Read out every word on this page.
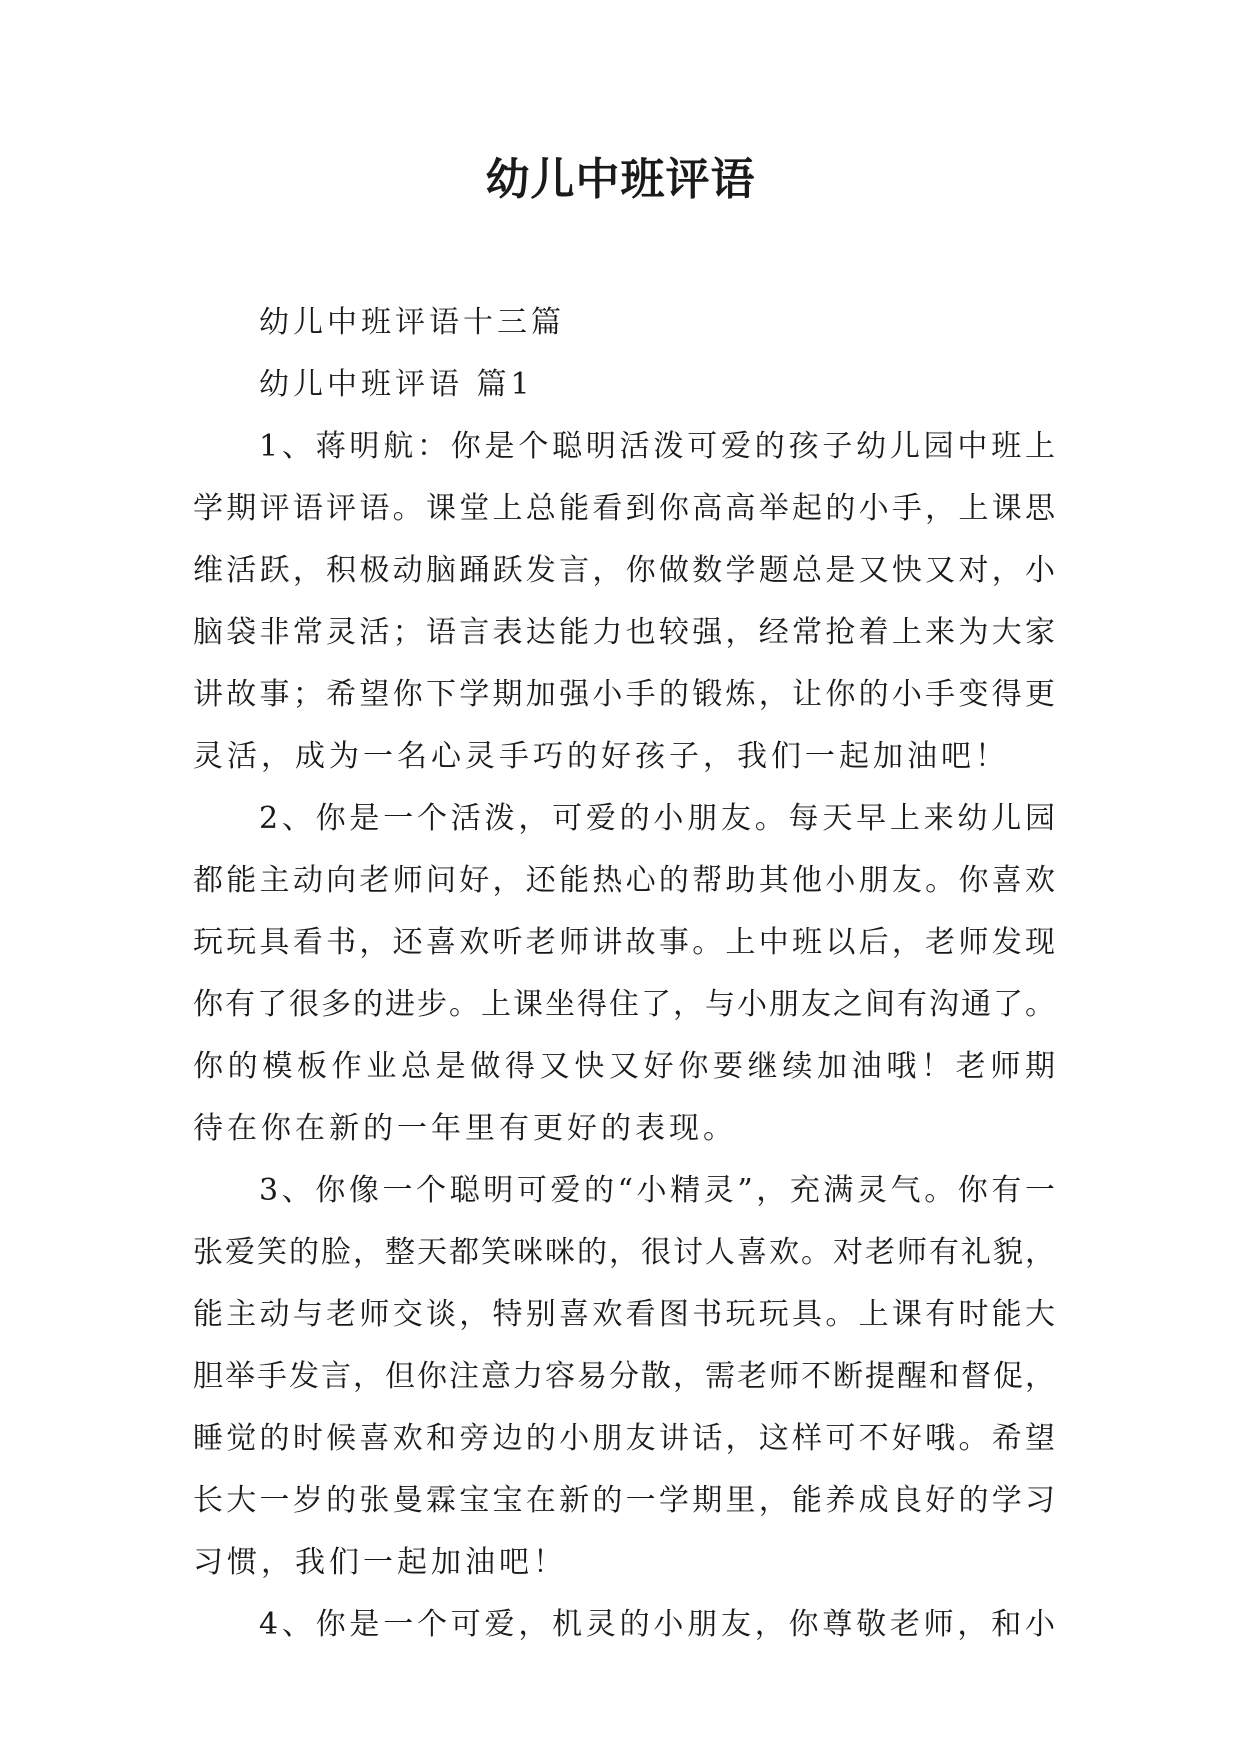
幼儿中班评语
幼儿中班评语十三篇
幼儿中班评语 篇1
1、蒋明航：你是个聪明活泼可爱的孩子幼儿园中班上
学期评语评语。课堂上总能看到你高高举起的小手，上课思
维活跃，积极动脑踊跃发言，你做数学题总是又快又对，小
脑袋非常灵活；语言表达能力也较强，经常抢着上来为大家
讲故事；希望你下学期加强小手的锻炼，让你的小手变得更
灵活，成为一名心灵手巧的好孩子，我们一起加油吧！
2、你是一个活泼，可爱的小朋友。每天早上来幼儿园
都能主动向老师问好，还能热心的帮助其他小朋友。你喜欢
玩玩具看书，还喜欢听老师讲故事。上中班以后，老师发现
你有了很多的进步。上课坐得住了，与小朋友之间有沟通了。
你的模板作业总是做得又快又好你要继续加油哦！老师期
待在你在新的一年里有更好的表现。
3、你像一个聪明可爱的“小精灵”，充满灵气。你有一
张爱笑的脸，整天都笑咪咪的，很讨人喜欢。对老师有礼貌，
能主动与老师交谈，特别喜欢看图书玩玩具。上课有时能大
胆举手发言，但你注意力容易分散，需老师不断提醒和督促，
睡觉的时候喜欢和旁边的小朋友讲话，这样可不好哦。希望
长大一岁的张曼霖宝宝在新的一学期里，能养成良好的学习
习惯，我们一起加油吧！
4、你是一个可爱，机灵的小朋友，你尊敬老师，和小
